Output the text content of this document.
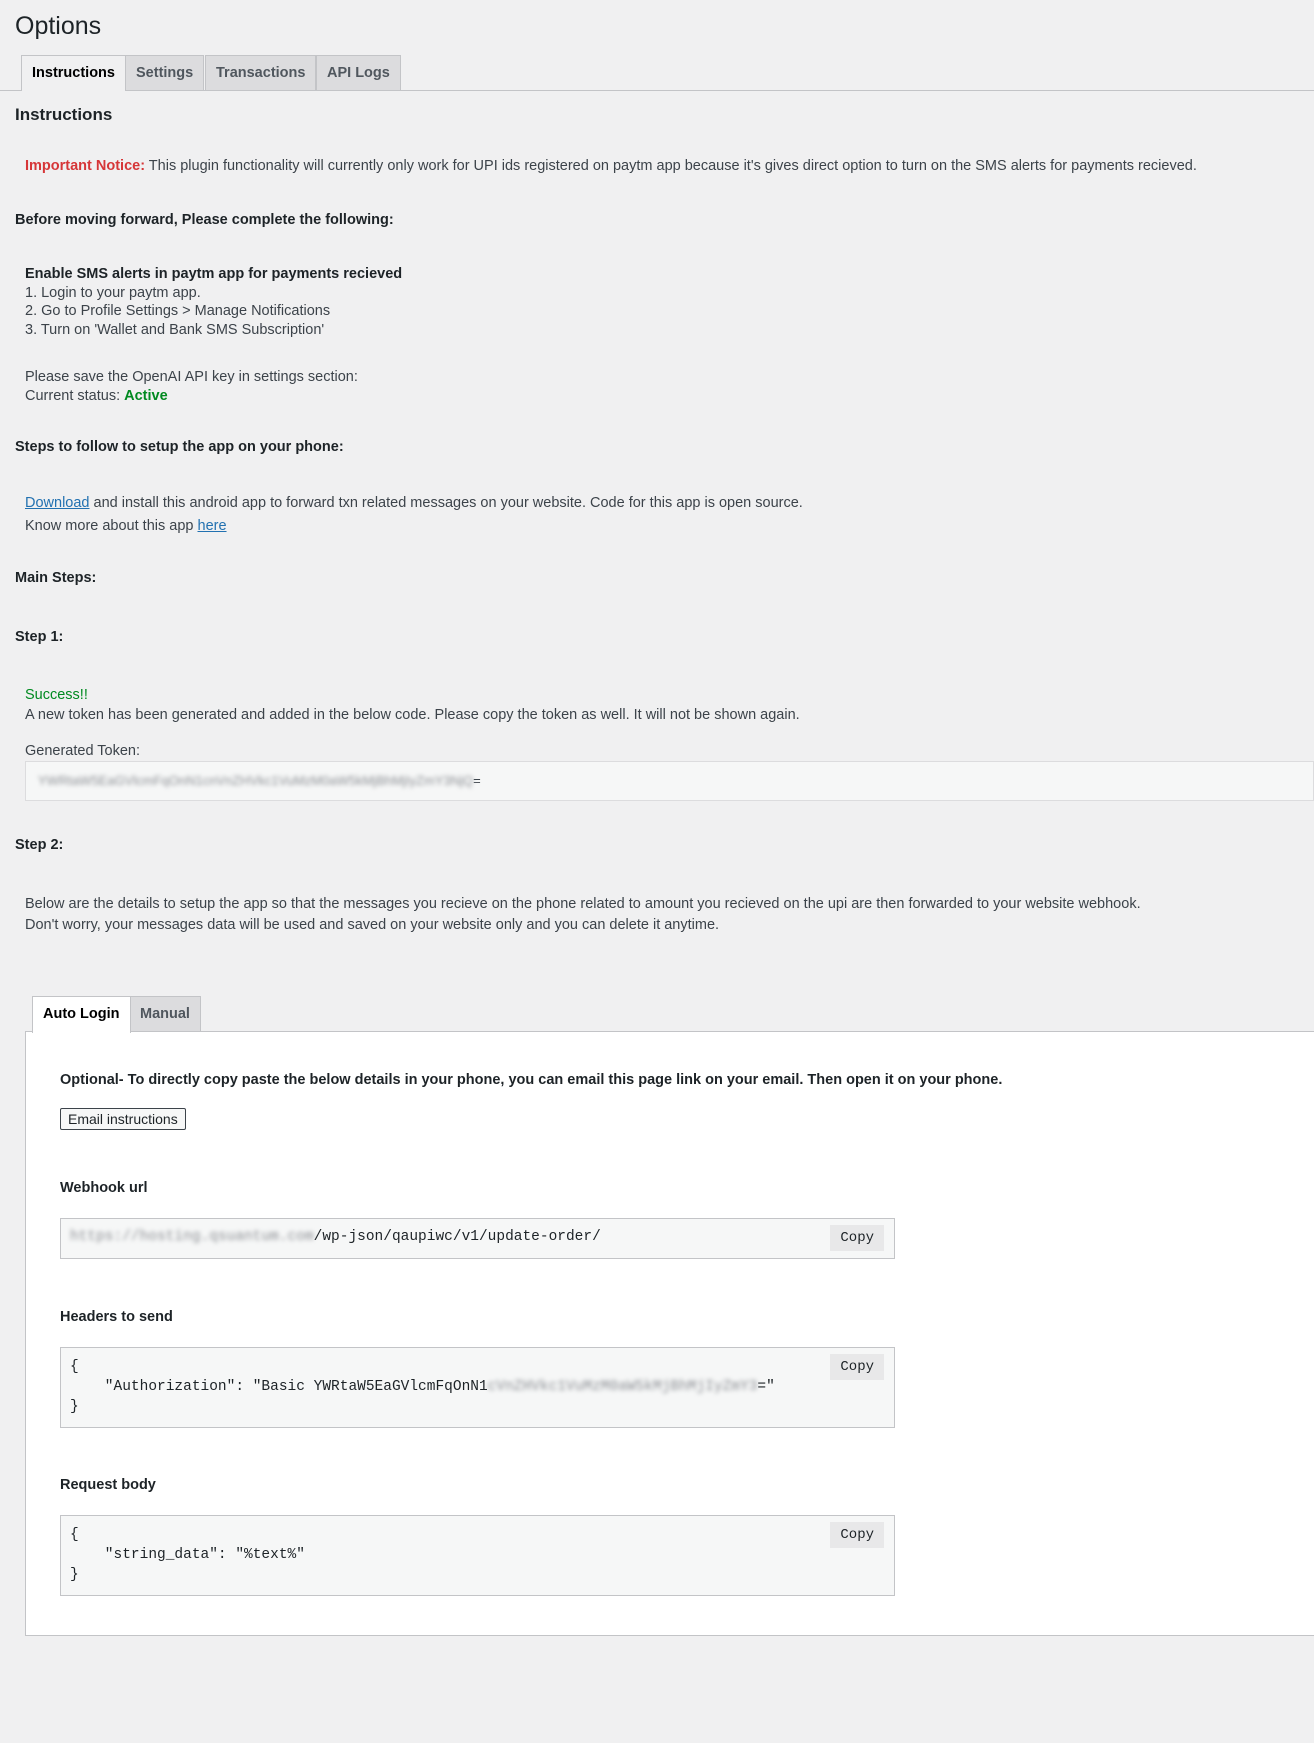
Options
Instructions	Settings	Transactions	API Logs
Instructions
Important Notice: This plugin functionality will currently only work for UPI ids registered on paytm app because it's gives direct option to turn on the SMS alerts for payments recieved.
Before moving forward, Please complete the following:
Enable SMS alerts in paytm app for payments recieved
1. Login to your paytm app.
2. Go to Profile Settings > Manage Notifications
3. Turn on 'Wallet and Bank SMS Subscription'
Please save the OpenAI API key in settings section:
Current status: Active
Steps to follow to setup the app on your phone:
Download and install this android app to forward txn related messages on your website. Code for this app is open source.
Know more about this app here
Main Steps:
Step 1:
Success!!
A new token has been generated and added in the below code. Please copy the token as well. It will not be shown again.
Generated Token:
YWRtaW5EaGVlcmFqOnN1cnVnZHVkc1VuMzM0aW5kMjBhMjIyZmY3NjQ=
Step 2:
Below are the details to setup the app so that the messages you recieve on the phone related to amount you recieved on the upi are then forwarded to your website webhook.
Don't worry, your messages data will be used and saved on your website only and you can delete it anytime.
Auto Login	Manual
Optional- To directly copy paste the below details in your phone, you can email this page link on your email. Then open it on your phone.
Email instructions
Webhook url
https://hosting.qsuantum.com/wp-json/qaupiwc/v1/update-order/	Copy
Headers to send
{
"Authorization": "Basic YWRtaW5EaGVlcmFqOnN1cVnZHVkc1VuMzM0aW5kMjBhMjIyZmY3="
}
Copy
Request body
{
"string_data": "%text%"
}
Copy
